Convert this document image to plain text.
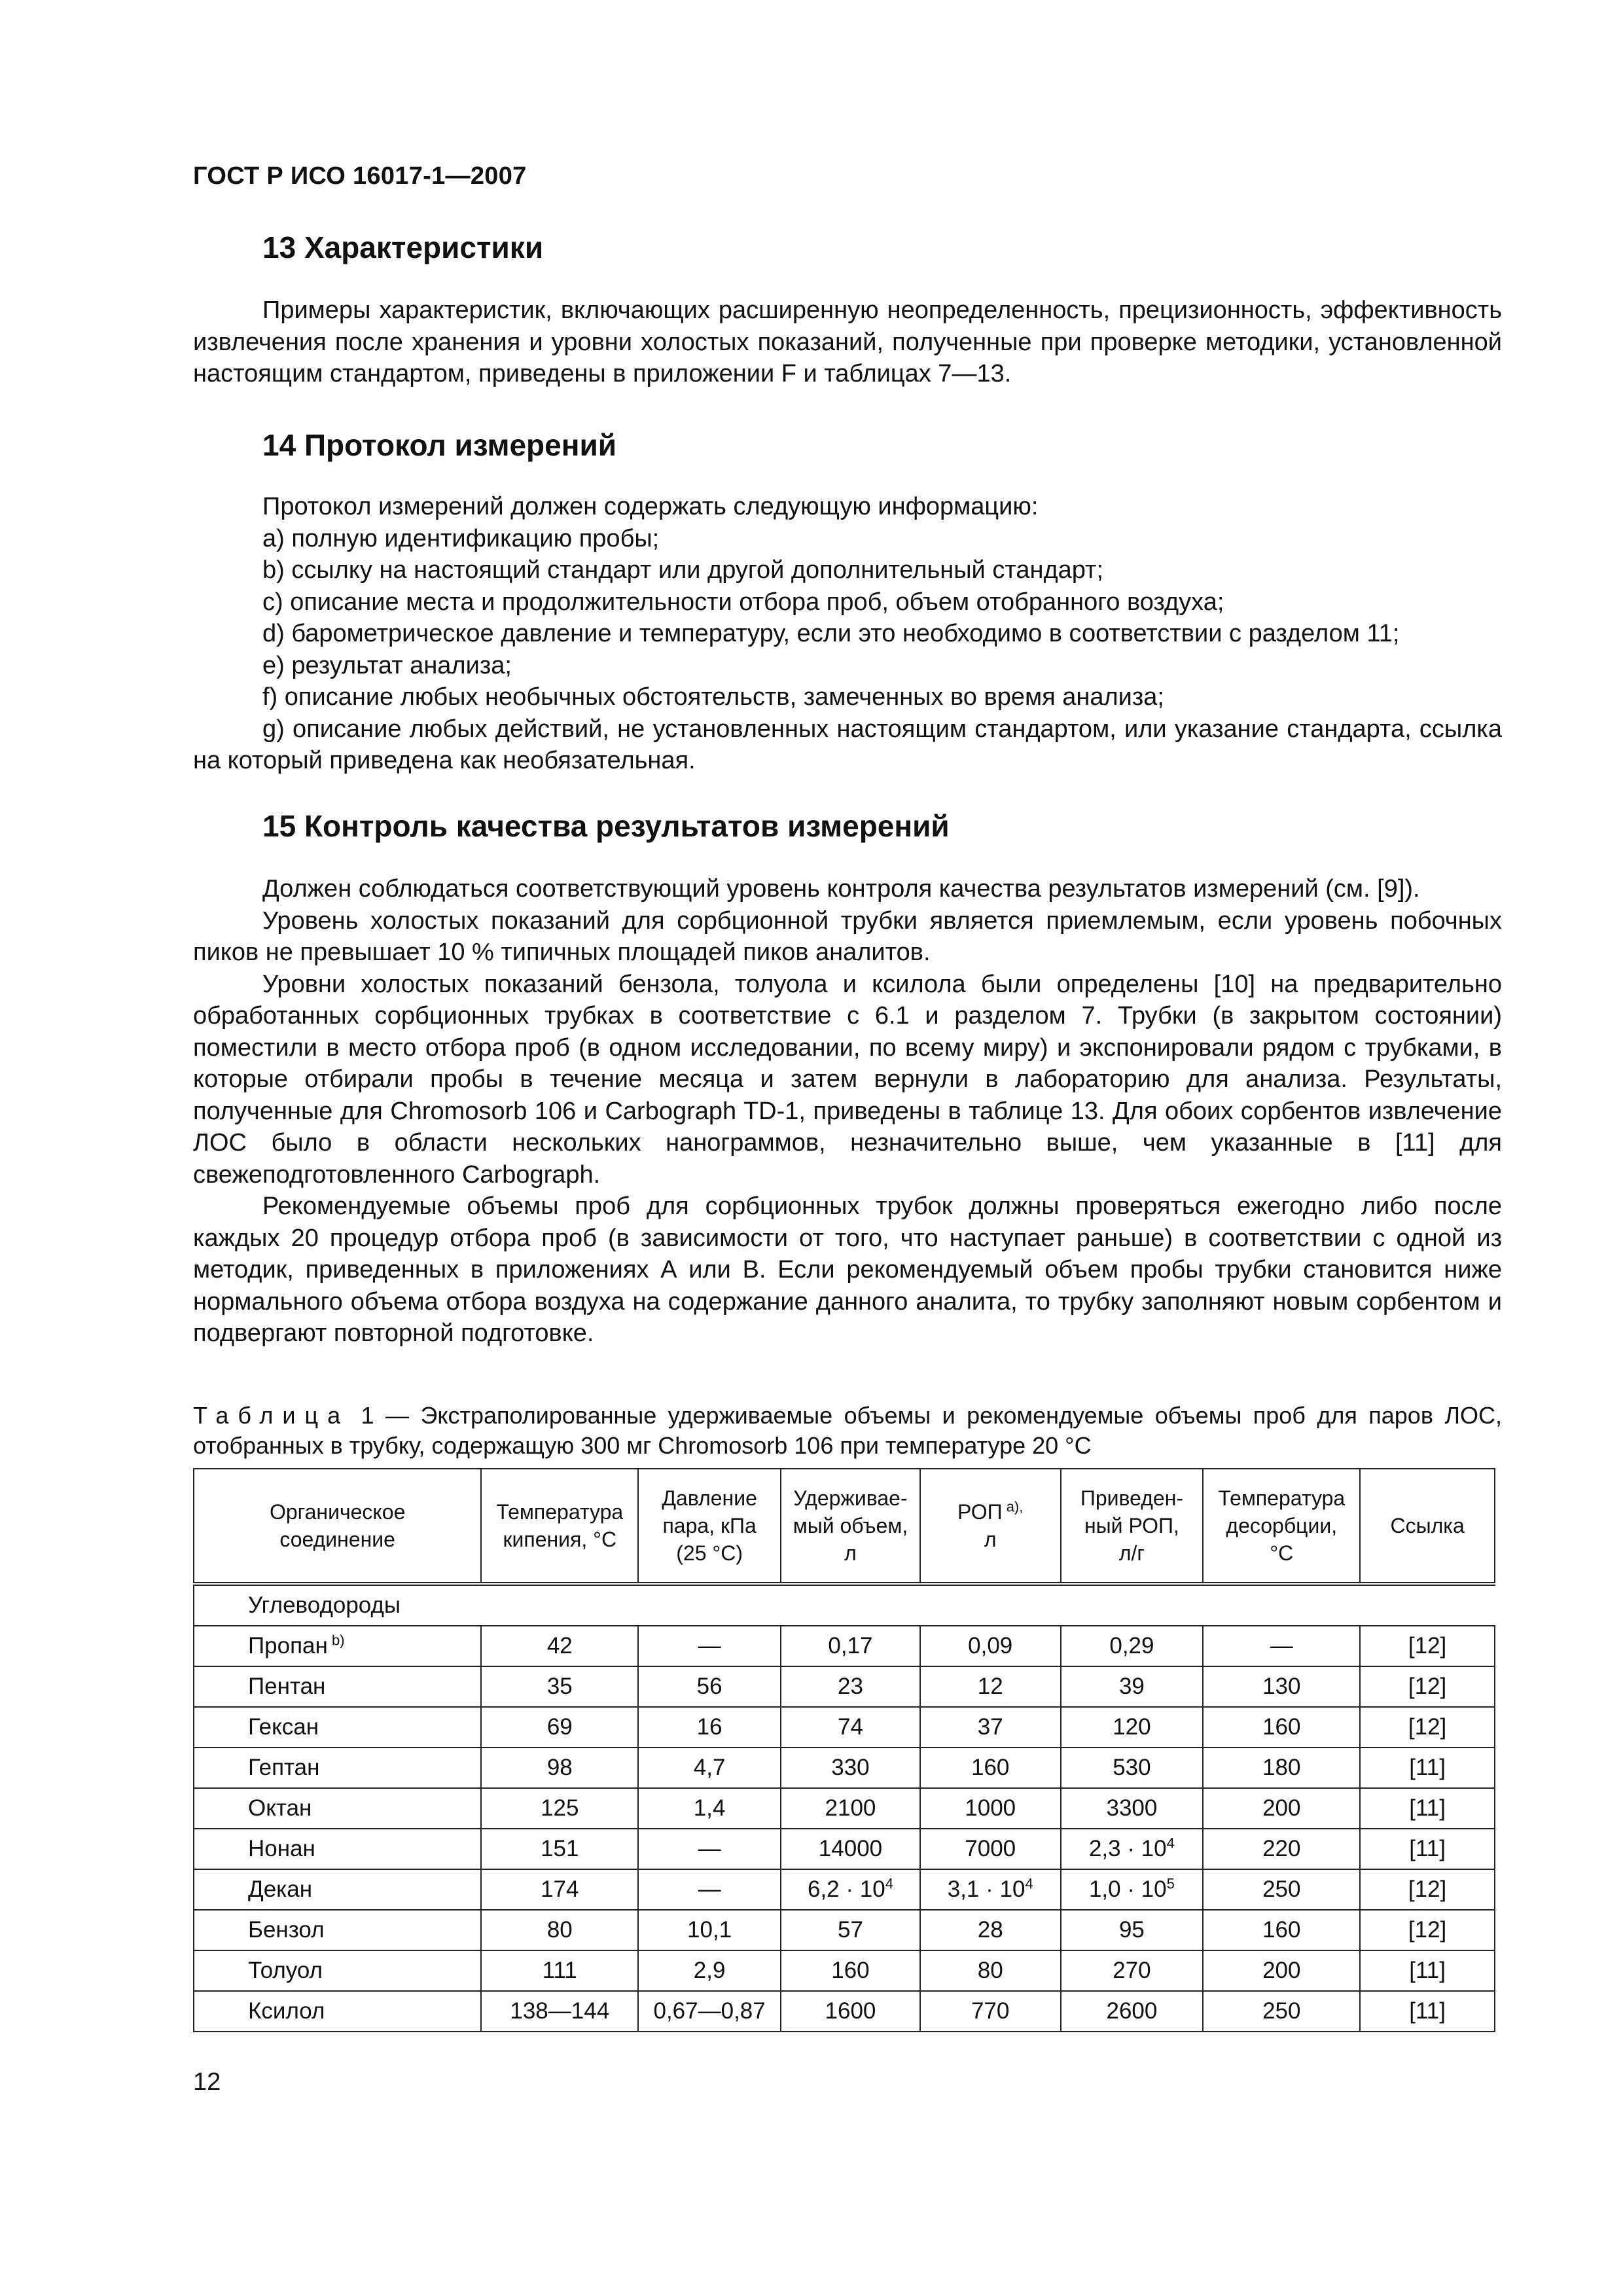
ГОСТ Р ИСО 16017-1—2007
13 Характеристики

Примеры характеристик, включающих расширенную неопределенность, прецизионность, эффективность извлечения после хранения и уровни холостых показаний, полученные при проверке методики, установленной настоящим стандартом, приведены в приложении F и таблицах 7—13.

14 Протокол измерений

Протокол измерений должен содержать следующую информацию:

a) полную идентификацию пробы;

b) ссылку на настоящий стандарт или другой дополнительный стандарт;

c) описание места и продолжительности отбора проб, объем отобранного воздуха;

d) барометрическое давление и температуру, если это необходимо в соответствии с разделом 11;

e) результат анализа;

f) описание любых необычных обстоятельств, замеченных во время анализа;

g) описание любых действий, не установленных настоящим стандартом, или указание стандарта, ссылка на который приведена как необязательная.

15 Контроль качества результатов измерений

Должен соблюдаться соответствующий уровень контроля качества результатов измерений (см. [9]).

Уровень холостых показаний для сорбционной трубки является приемлемым, если уровень побочных пиков не превышает 10 % типичных площадей пиков аналитов.

Уровни холостых показаний бензола, толуола и ксилола были определены [10] на предварительно обработанных сорбционных трубках в соответствие с 6.1 и разделом 7. Трубки (в закрытом состоянии) поместили в место отбора проб (в одном исследовании, по всему миру) и экспонировали рядом с трубками, в которые отбирали пробы в течение месяца и затем вернули в лабораторию для анализа. Результаты, полученные для Chromosorb 106 и Carbograph TD-1, приведены в таблице 13. Для обоих сорбентов извлечение ЛОС было в области нескольких нанограммов, незначительно выше, чем указанные в [11] для свежеподготовленного Carbograph.

Рекомендуемые объемы проб для сорбционных трубок должны проверяться ежегодно либо после каждых 20 процедур отбора проб (в зависимости от того, что наступает раньше) в соответствии с одной из методик, приведенных в приложениях А или В. Если рекомендуемый объем пробы трубки становится ниже нормального объема отбора воздуха на содержание данного аналита, то трубку заполняют новым сорбентом и подвергают повторной подготовке.

Таблица 1 — Экстраполированные удерживаемые объемы и рекомендуемые объемы проб для паров ЛОС, отобранных в трубку, содержащую 300 мг Chromosorb 106 при температуре 20 °С
Органическое
соединение	Температура
кипения, °С	Давление
пара, кПа
(25 °С)	Удерживае-
мый объем,
л	РОП $^{а),}$
л	Приведен-
ный РОП,
л/г	Температура
десорбции,
°С	Ссылка
Углеводороды							
Пропан $^{b)}$	42	—	0,17	0,09	0,29	—	[12]
Пентан	35	56	23	12	39	130	[12]
Гексан	69	16	74	37	120	160	[12]
Гептан	98	4,7	330	160	530	180	[11]
Октан	125	1,4	2100	1000	3300	200	[11]
Нонан	151	—	14000	7000	$2,3 \cdot 10^4$	220	[11]
Декан	174	—	$6,2 \cdot 10^4$	$3,1 \cdot 10^4$	$1,0 \cdot 10^5$	250	[12]
Бензол	80	10,1	57	28	95	160	[12]
Толуол	111	2,9	160	80	270	200	[11]
Ксилол	138—144	0,67—0,87	1600	770	2600	250	[11]
12
